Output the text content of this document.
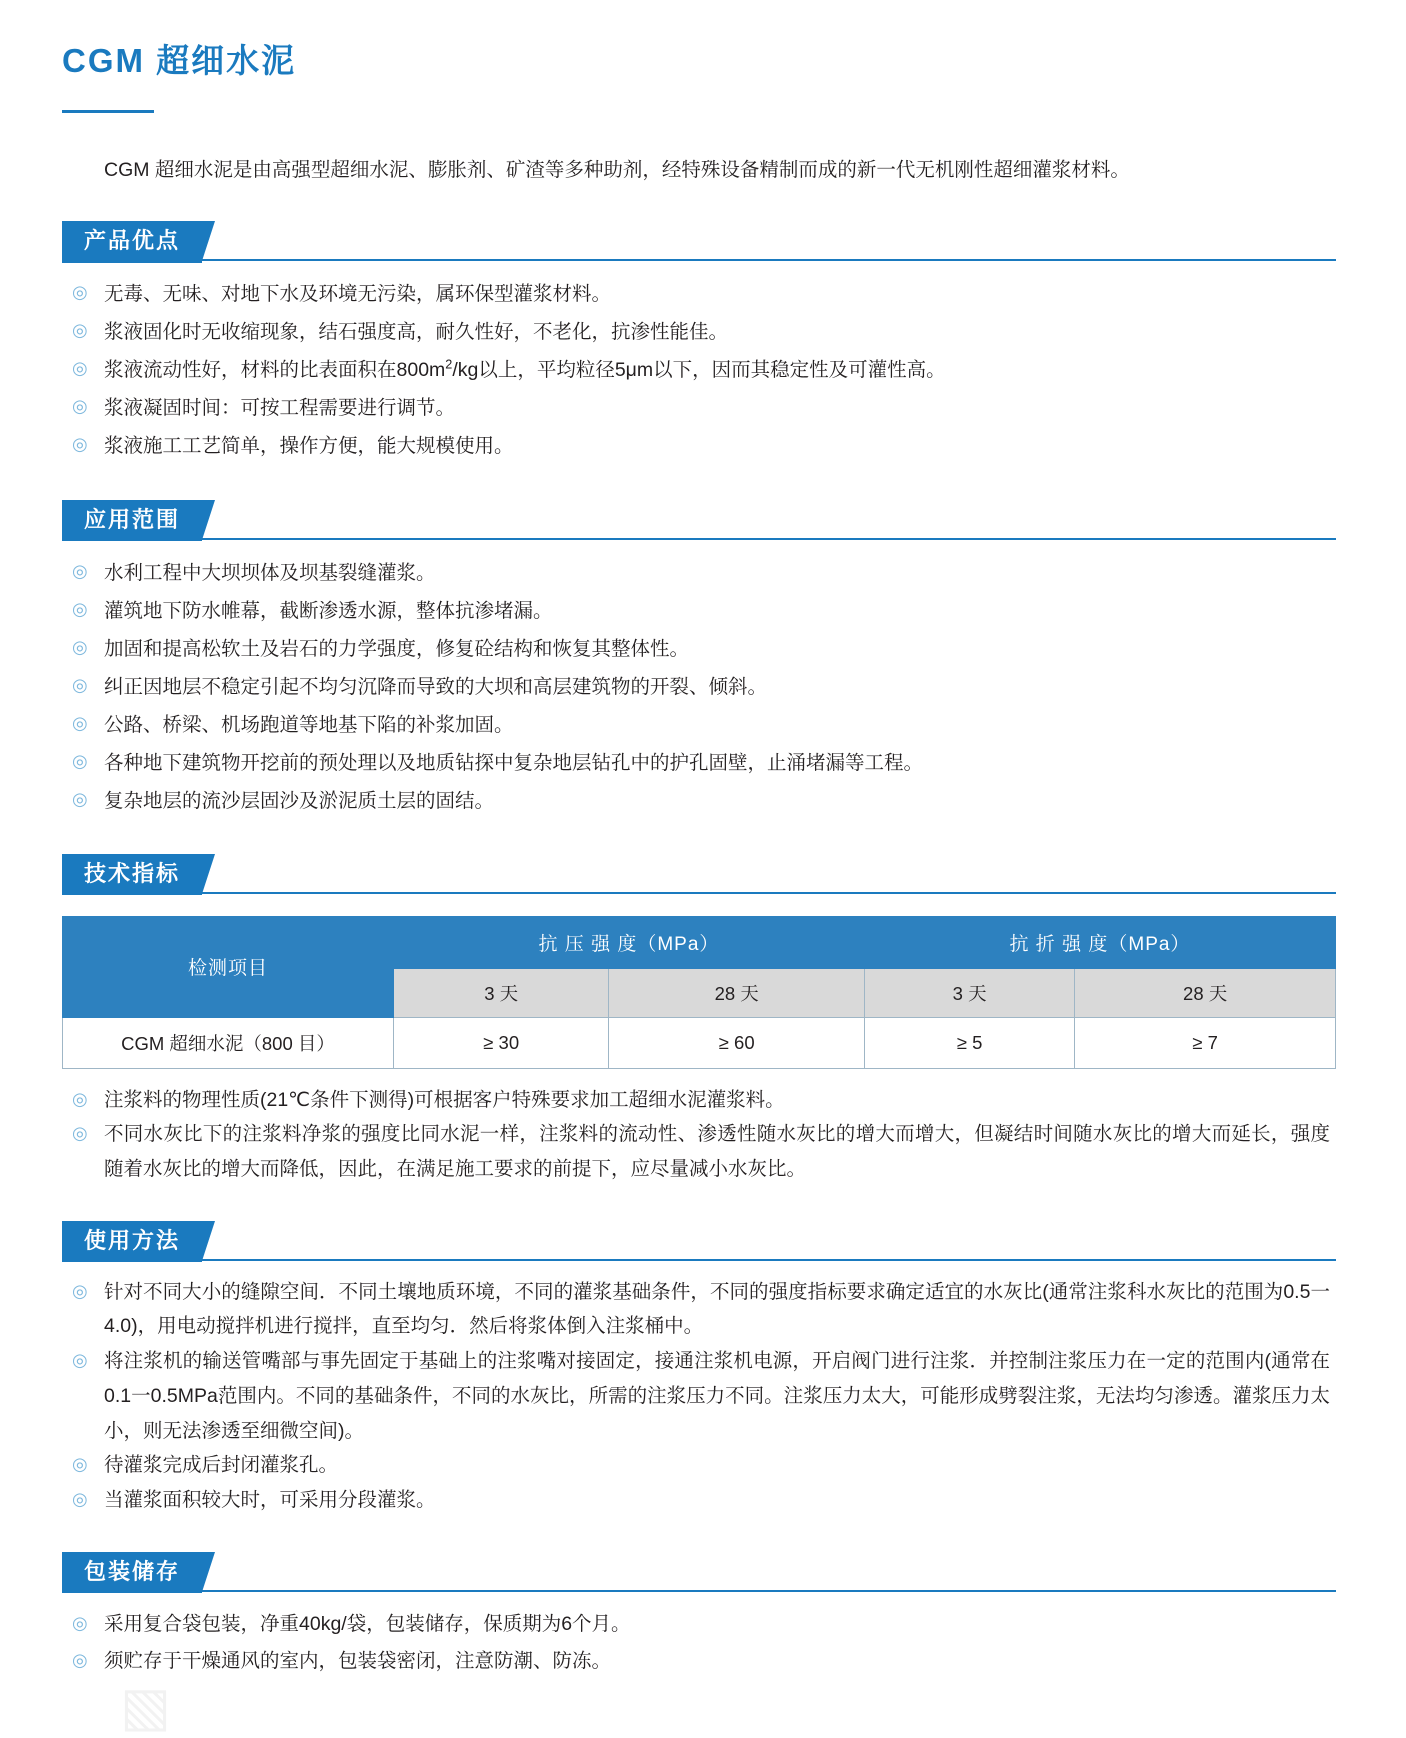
CGM 超细水泥

CGM 超细水泥是由高强型超细水泥、膨胀剂、矿渣等多种助剂，经特殊设备精制而成的新一代无机刚性超细灌浆材料。

产品优点
◎ 无毒、无味、对地下水及环境无污染，属环保型灌浆材料。
◎ 浆液固化时无收缩现象，结石强度高，耐久性好，不老化，抗渗性能佳。
◎ 浆液流动性好，材料的比表面积在$800m^2/kg$以上，平均粒径5μm以下，因而其稳定性及可灌性高。
◎ 浆液凝固时间：可按工程需要进行调节。
◎ 浆液施工工艺简单，操作方便，能大规模使用。
应用范围
◎ 水利工程中大坝坝体及坝基裂缝灌浆。
◎ 灌筑地下防水帷幕，截断渗透水源，整体抗渗堵漏。
◎ 加固和提高松软土及岩石的力学强度，修复砼结构和恢复其整体性。
◎ 纠正因地层不稳定引起不均匀沉降而导致的大坝和高层建筑物的开裂、倾斜。
◎ 公路、桥梁、机场跑道等地基下陷的补浆加固。
◎ 各种地下建筑物开挖前的预处理以及地质钻探中复杂地层钻孔中的护孔固壁，止涌堵漏等工程。
◎ 复杂地层的流沙层固沙及淤泥质土层的固结。
技术指标
检测项目	抗 压 强 度（MPa）		抗 折 强 度（MPa）	
	3 天	28 天	3 天	28 天
CGM 超细水泥（800 目）	≥ 30	≥ 60	≥ 5	≥ 7
◎ 注浆料的物理性质(21℃条件下测得)可根据客户特殊要求加工超细水泥灌浆料。
◎ 不同水灰比下的注浆料净浆的强度比同水泥一样，注浆料的流动性、渗透性随水灰比的增大而增大，但凝结时间随水灰比的增大而延长，强度随着水灰比的增大而降低，因此，在满足施工要求的前提下，应尽量减小水灰比。
使用方法
◎ 针对不同大小的缝隙空间．不同土壤地质环境，不同的灌浆基础条件，不同的强度指标要求确定适宜的水灰比(通常注浆科水灰比的范围为0.5一4.0)，用电动搅拌机进行搅拌，直至均匀．然后将浆体倒入注浆桶中。
◎ 将注浆机的输送管嘴部与事先固定于基础上的注浆嘴对接固定，接通注浆机电源，开启阀门进行注浆．并控制注浆压力在一定的范围内(通常在0.1一0.5MPa范围内。不同的基础条件，不同的水灰比，所需的注浆压力不同。注浆压力太大，可能形成劈裂注浆，无法均匀渗透。灌浆压力太小，则无法渗透至细微空间)。
◎ 待灌浆完成后封闭灌浆孔。
◎ 当灌浆面积较大时，可采用分段灌浆。
包装储存
◎ 采用复合袋包装，净重40kg/袋，包装储存，保质期为6个月。
◎ 须贮存于干燥通风的室内，包装袋密闭，注意防潮、防冻。
▧
